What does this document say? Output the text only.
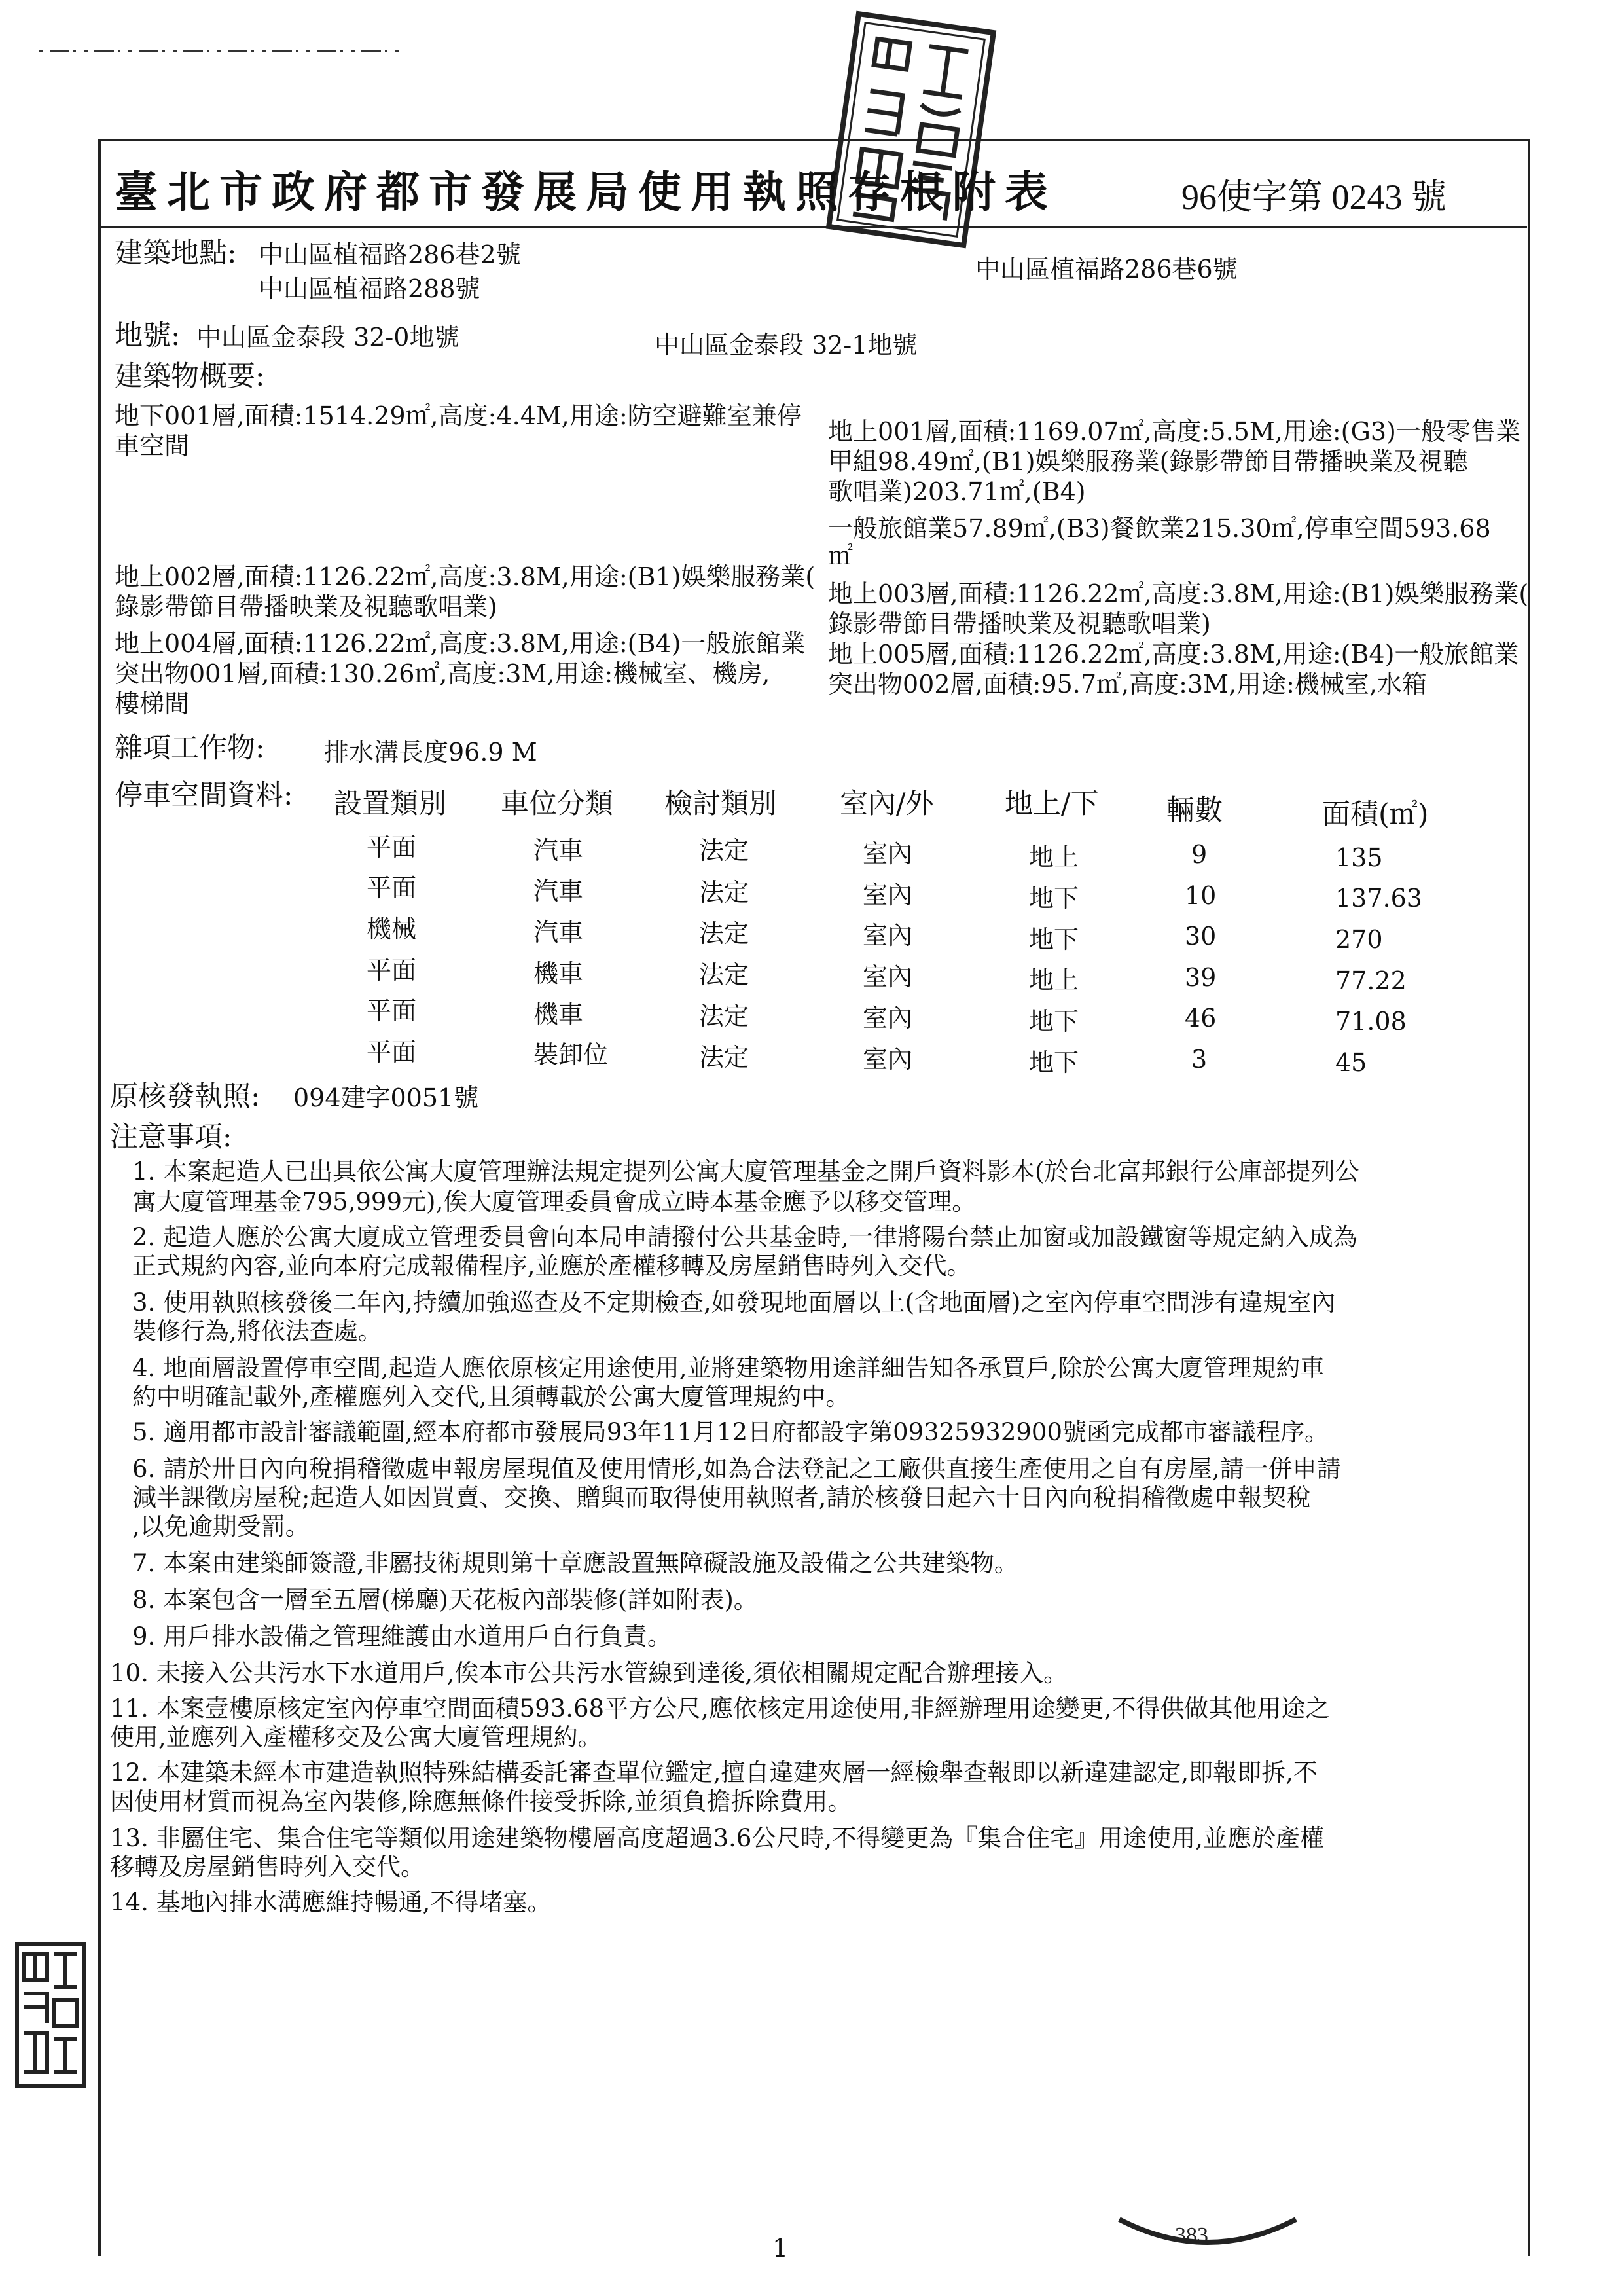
383
臺北市政府都市發展局使用執照存根附表	96使字第 0243 號
建築地點: 中山區植福路286巷2號
中山區植福路288號
中山區植福路286巷6號
地號: 中山區金泰段 32-0地號	中山區金泰段 32-1地號
建築物概要:
地下001層,面積:1514.29㎡,高度:4.4M,用途:防空避難室兼停
車空間
地上002層,面積:1126.22㎡,高度:3.8M,用途:(B1)娛樂服務業(
錄影帶節目帶播映業及視聽歌唱業)
地上004層,面積:1126.22㎡,高度:3.8M,用途:(B4)一般旅館業
突出物001層,面積:130.26㎡,高度:3M,用途:機械室、機房,
樓梯間
地上001層,面積:1169.07㎡,高度:5.5M,用途:(G3)一般零售業
甲組98.49㎡,(B1)娛樂服務業(錄影帶節目帶播映業及視聽
歌唱業)203.71㎡,(B4)
一般旅館業57.89㎡,(B3)餐飲業215.30㎡,停車空間593.68
㎡
地上003層,面積:1126.22㎡,高度:3.8M,用途:(B1)娛樂服務業(
錄影帶節目帶播映業及視聽歌唱業)
地上005層,面積:1126.22㎡,高度:3.8M,用途:(B4)一般旅館業
突出物002層,面積:95.7㎡,高度:3M,用途:機械室,水箱
雜項工作物: 排水溝長度96.9 M
停車空間資料: 設置類別 車位分類 檢討類別 室內/外	地上/下 輛數	面積(㎡)
平面	汽車	法定	室內	地上	9	135
平面	汽車	法定	室內	地下	10	137.63
機械	汽車	法定	室內	地下	30	270
平面	機車	法定	室內	地上	39	77.22
平面	機車	法定	室內	地下	46	71.08
平面	裝卸位	法定	室內	地下	3	45
原核發執照: 094建字0051號
注意事項:
1. 本案起造人已出具依公寓大廈管理辦法規定提列公寓大廈管理基金之開戶資料影本(於台北富邦銀行公庫部提列公
寓大廈管理基金795,999元),俟大廈管理委員會成立時本基金應予以移交管理。
2. 起造人應於公寓大廈成立管理委員會向本局申請撥付公共基金時,一律將陽台禁止加窗或加設鐵窗等規定納入成為
正式規約內容,並向本府完成報備程序,並應於產權移轉及房屋銷售時列入交代。
3. 使用執照核發後二年內,持續加強巡查及不定期檢查,如發現地面層以上(含地面層)之室內停車空間涉有違規室內
裝修行為,將依法查處。
4. 地面層設置停車空間,起造人應依原核定用途使用,並將建築物用途詳細告知各承買戶,除於公寓大廈管理規約車
約中明確記載外,產權應列入交代,且須轉載於公寓大廈管理規約中。
5. 適用都市設計審議範圍,經本府都市發展局93年11月12日府都設字第09325932900號函完成都市審議程序。
6. 請於卅日內向稅捐稽徵處申報房屋現值及使用情形,如為合法登記之工廠供直接生產使用之自有房屋,請一併申請
減半課徵房屋稅;起造人如因買賣、交換、贈與而取得使用執照者,請於核發日起六十日內向稅捐稽徵處申報契稅
,以免逾期受罰。
7. 本案由建築師簽證,非屬技術規則第十章應設置無障礙設施及設備之公共建築物。
8. 本案包含一層至五層(梯廳)天花板內部裝修(詳如附表)。
9. 用戶排水設備之管理維護由水道用戶自行負責。
10. 未接入公共污水下水道用戶,俟本市公共污水管線到達後,須依相關規定配合辦理接入。
11. 本案壹樓原核定室內停車空間面積593.68平方公尺,應依核定用途使用,非經辦理用途變更,不得供做其他用途之
使用,並應列入產權移交及公寓大廈管理規約。
12. 本建築未經本市建造執照特殊結構委託審查單位鑑定,擅自違建夾層一經檢舉查報即以新違建認定,即報即拆,不
因使用材質而視為室內裝修,除應無條件接受拆除,並須負擔拆除費用。
13. 非屬住宅、集合住宅等類似用途建築物樓層高度超過3.6公尺時,不得變更為『集合住宅』用途使用,並應於產權
移轉及房屋銷售時列入交代。
14. 基地內排水溝應維持暢通,不得堵塞。
1
